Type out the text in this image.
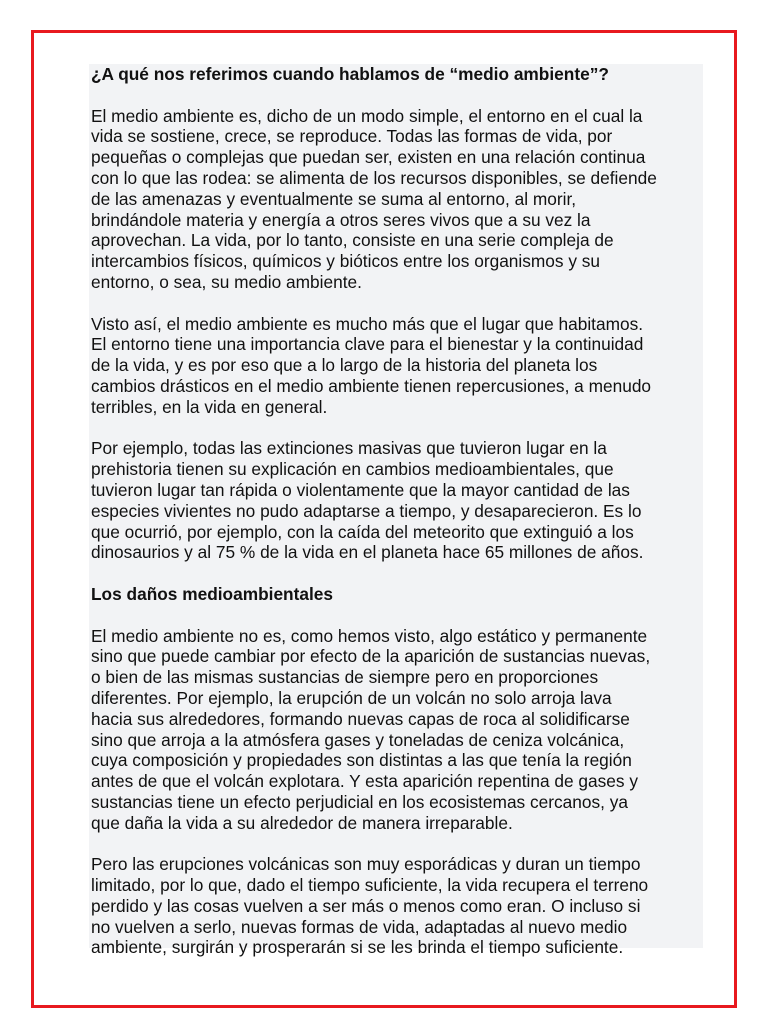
¿A qué nos referimos cuando hablamos de “medio ambiente”?

El medio ambiente es, dicho de un modo simple, el entorno en el cual la
vida se sostiene, crece, se reproduce. Todas las formas de vida, por
pequeñas o complejas que puedan ser, existen en una relación continua
con lo que las rodea: se alimenta de los recursos disponibles, se defiende
de las amenazas y eventualmente se suma al entorno, al morir,
brindándole materia y energía a otros seres vivos que a su vez la
aprovechan. La vida, por lo tanto, consiste en una serie compleja de
intercambios físicos, químicos y bióticos entre los organismos y su
entorno, o sea, su medio ambiente.

Visto así, el medio ambiente es mucho más que el lugar que habitamos.
El entorno tiene una importancia clave para el bienestar y la continuidad
de la vida, y es por eso que a lo largo de la historia del planeta los
cambios drásticos en el medio ambiente tienen repercusiones, a menudo
terribles, en la vida en general.

Por ejemplo, todas las extinciones masivas que tuvieron lugar en la
prehistoria tienen su explicación en cambios medioambientales, que
tuvieron lugar tan rápida o violentamente que la mayor cantidad de las
especies vivientes no pudo adaptarse a tiempo, y desaparecieron. Es lo
que ocurrió, por ejemplo, con la caída del meteorito que extinguió a los
dinosaurios y al 75 % de la vida en el planeta hace 65 millones de años.

Los daños medioambientales

El medio ambiente no es, como hemos visto, algo estático y permanente
sino que puede cambiar por efecto de la aparición de sustancias nuevas,
o bien de las mismas sustancias de siempre pero en proporciones
diferentes. Por ejemplo, la erupción de un volcán no solo arroja lava
hacia sus alrededores, formando nuevas capas de roca al solidificarse
sino que arroja a la atmósfera gases y toneladas de ceniza volcánica,
cuya composición y propiedades son distintas a las que tenía la región
antes de que el volcán explotara. Y esta aparición repentina de gases y
sustancias tiene un efecto perjudicial en los ecosistemas cercanos, ya
que daña la vida a su alrededor de manera irreparable.

Pero las erupciones volcánicas son muy esporádicas y duran un tiempo
limitado, por lo que, dado el tiempo suficiente, la vida recupera el terreno
perdido y las cosas vuelven a ser más o menos como eran. O incluso si
no vuelven a serlo, nuevas formas de vida, adaptadas al nuevo medio
ambiente, surgirán y prosperarán si se les brinda el tiempo suficiente.
